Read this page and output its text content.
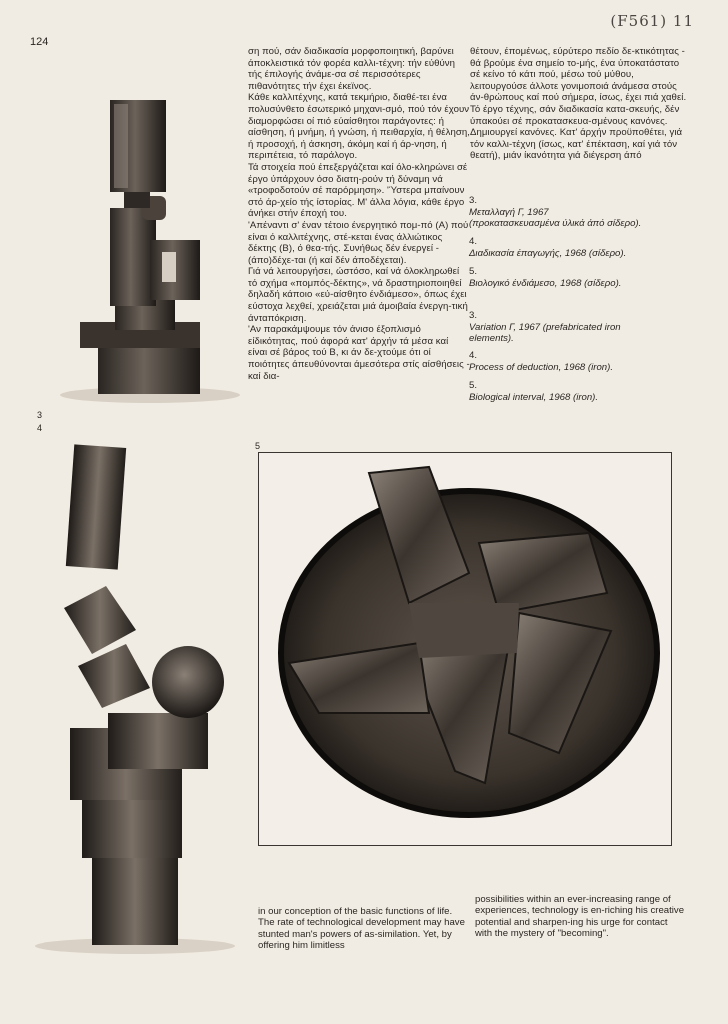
124
(F561) 11
3
4

ση πού, σάν διαδικασία μορφοποιητική, βαρύνει άποκλειστικά τόν φορέα καλλι-τέχνη: τήν εύθύνη τής έπιλογής άνάμε-σα σέ περισσότερες πιθανότητες τήν έχει έκεϊνος.

Κάθε καλλιτέχνης, κατά τεκμήριο, διαθέ-τει ένα πολυσύνθετο έσωτερικό μηχανι-σμό, πού τόν έχουν διαμορφώσει οί πιό εύαίσθητοι παράγοντες: ή αίσθηση, ή μνήμη, ή γνώση, ή πειθαρχία, ή θέληση, ή προσοχή, ή άσκηση, άκόμη καί ή άρ-νηση, ή περιπέτεια, τό παράλογο.

Τά στοιχεία πού έπεξεργάζεται καί όλο-κληρώνει σέ έργο ύπάρχουν όσο διατη-ρούν τή δύναμη νά «τροφοδοτούν σέ παρόρμηση». 'Ύστερα μπαίνουν στό άρ-χείο τής ίστορίας. Μ' άλλα λόγια, κάθε έργο άνήκει στήν έποχή του.

'Απέναντι σ' έναν τέτοιο ένεργητικό πομ-πό (Α) πού είναι ό καλλιτέχνης, στέ-κεται ένας άλλιώτικος δέκτης (Β), ό θεα-τής. Συνήθως δέν ένεργεί - (άπο)δέχε-ται (ή καί δέν άποδέχεται).

Γιά νά λειτουργήσει, ώστόσο, καί νά όλοκληρωθεί τό σχήμα «πομπός-δέκτης», νά δραστηριοποιηθεί δηλαδή κάποιο «εύ-αίσθητο ένδιάμεσο», όπως έχει εύστοχα λεχθεί, χρειάζεται μιά άμοιβαία ένεργη-τική άνταπόκριση.

'Αν παρακάμψουμε τόν άνισο έξοπλισμό είδικότητας, πού άφορά κατ' άρχήν τά μέσα καί είναι σέ βάρος τού Β, κι άν δε-χτούμε ότι οί ποιότητες άπευθύνονται άμεσότερα στίς αίσθήσεις - καί δια-

θέτουν, έπομένως, εύρύτερο πεδίο δε-κτικότητας - θά βρούμε ένα σημείο το-μής, ένα ύποκατάστατο σέ κείνο τό κάτι πού, μέσω τού μύθου, λειτουργούσε άλλοτε γονιμοποιά άνάμεσα στούς άν-θρώπους καί πού σήμερα, ίσως, έχει πιά χαθεί.

Τό έργο τέχνης, σάν διαδικασία κατα-σκευής, δέν ύπακούει σέ προκατασκευα-σμένους κανόνες. Δημιουργεί κανόνες. Κατ' άρχήν προϋποθέτει, γιά τόν καλλι-τέχνη (ίσως, κατ' έπέκταση, καί γιά τόν θεατή), μιάν ίκανότητα γιά διέγερση άπό

3.
Μεταλλαγή Γ, 1967
(προκατασκευασμένα ύλικά άπό σίδερο).
4.
Διαδικασία έπαγωγής, 1968 (σίδερο).
5.
Βιολογικό ένδιάμεσο, 1968 (σίδερο).
3.
Variation Γ, 1967 (prefabricated iron
elements).
4.
Process of deduction, 1968 (iron).
5.
Biological interval, 1968 (iron).
5
in our conception of the basic functions of life.
The rate of technological development may have stunted man's powers of as-similation. Yet, by offering him limitless
possibilities within an ever-increasing range of experiences, technology is en-riching his creative potential and sharpen-ing his urge for contact with the mystery of "becoming".
